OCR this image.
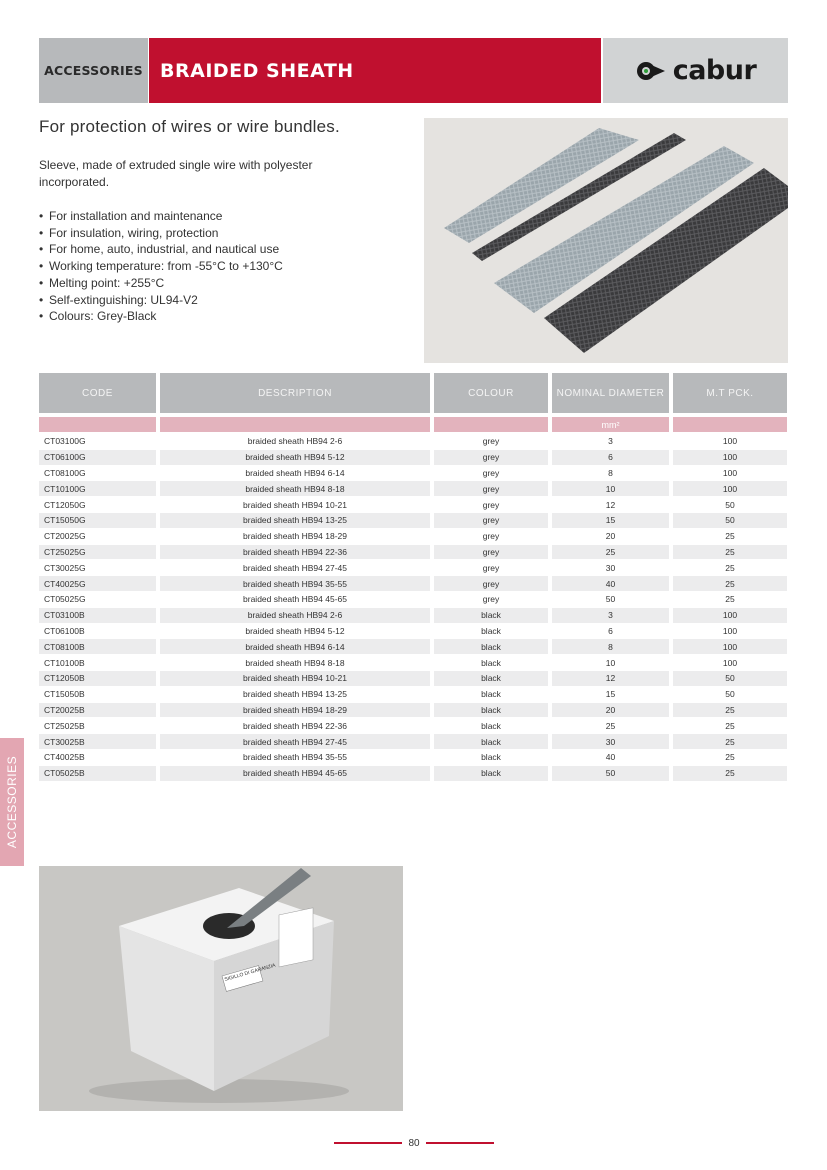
ACCESSORIES BRAIDED SHEATH	cabur
For protection of wires or wire bundles.
Sleeve, made of extruded single wire with polyester incorporated.
• For installation and maintenance
• For insulation, wiring, protection
• For home, auto, industrial, and nautical use
• Working temperature: from -55°C to +130°C
• Melting point: +255°C
• Self-extinguishing: UL94-V2
• Colours: Grey-Black
CODE	DESCRIPTION	COLOUR	NOMINAL DIAMETER	M.T PCK.
mm²
CT03100G	braided sheath HB94 2-6	grey	3	100
CT06100G	braided sheath HB94 5-12	grey	6	100
CT08100G	braided sheath HB94 6-14	grey	8	100
CT10100G	braided sheath HB94 8-18	grey	10	100
CT12050G	braided sheath HB94 10-21	grey	12	50
CT15050G	braided sheath HB94 13-25	grey	15	50
CT20025G	braided sheath HB94 18-29	grey	20	25
CT25025G	braided sheath HB94 22-36	grey	25	25
CT30025G	braided sheath HB94 27-45	grey	30	25
CT40025G	braided sheath HB94 35-55	grey	40	25
CT05025G	braided sheath HB94 45-65	grey	50	25
CT03100B	braided sheath HB94 2-6	black	3	100
CT06100B	braided sheath HB94 5-12	black	6	100
CT08100B	braided sheath HB94 6-14	black	8	100
CT10100B	braided sheath HB94 8-18	black	10	100
CT12050B	braided sheath HB94 10-21	black	12	50
CT15050B	braided sheath HB94 13-25	black	15	50
CT20025B	braided sheath HB94 18-29	black	20	25
CT25025B	braided sheath HB94 22-36	black	25	25
CT30025B	braided sheath HB94 27-45	black	30	25
CT40025B	braided sheath HB94 35-55	black	40	25
CT05025B	braided sheath HB94 45-65	black	50	25
ACCESSORIES
SIGILLO DI GARANZIA
80
